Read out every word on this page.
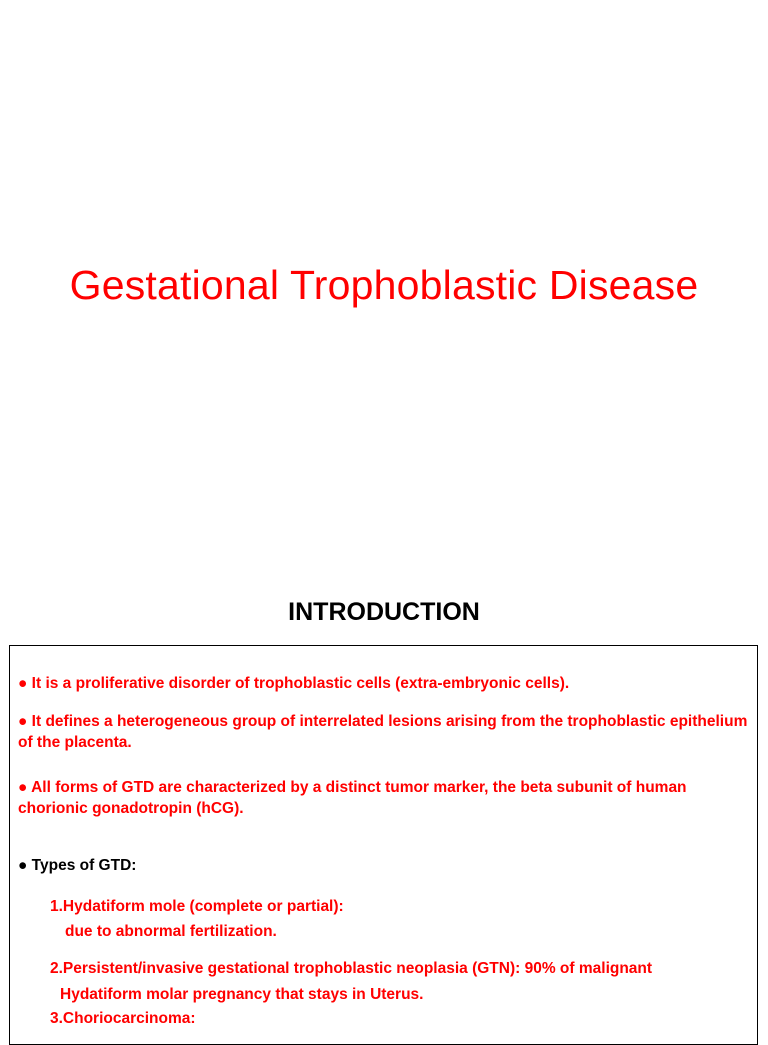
Gestational Trophoblastic Disease
INTRODUCTION

● It is a proliferative disorder of trophoblastic cells (extra-embryonic cells).

● It defines a heterogeneous group of interrelated lesions arising from the trophoblastic epithelium of the placenta.

● All forms of GTD are characterized by a distinct tumor marker, the beta subunit of human chorionic gonadotropin (hCG).

● Types of GTD:

1.Hydatiform mole (complete or partial):

due to abnormal fertilization.

2.Persistent/invasive gestational trophoblastic neoplasia (GTN): 90% of malignant

Hydatiform molar pregnancy that stays in Uterus.

3.Choriocarcinoma:
